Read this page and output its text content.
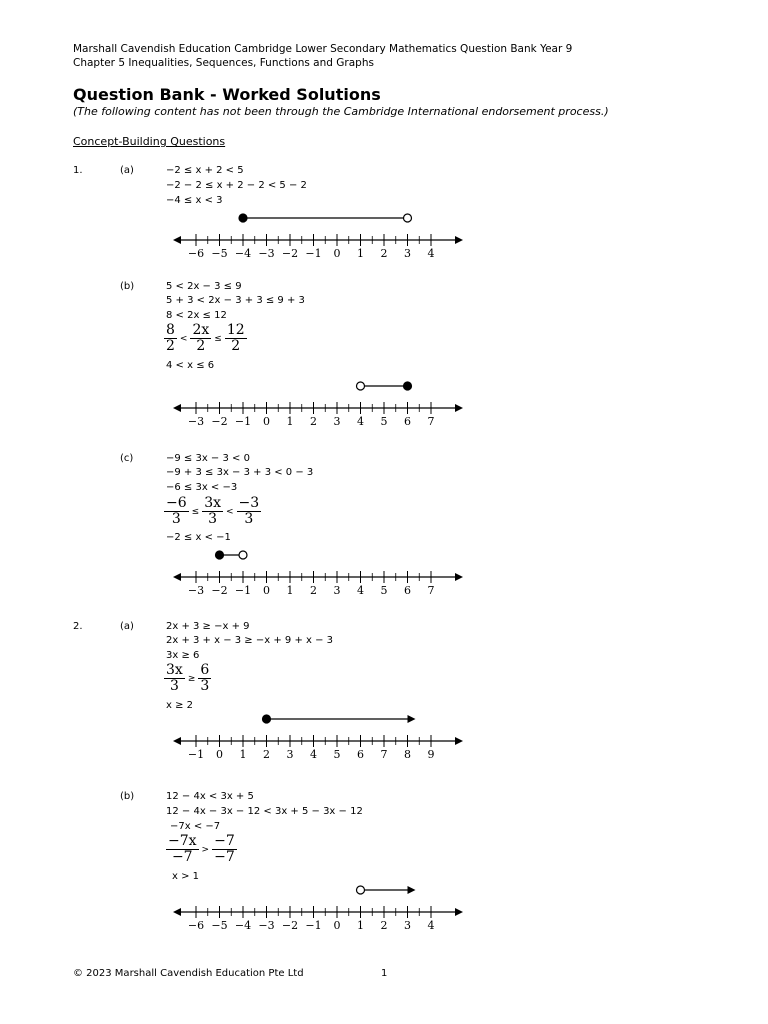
Marshall Cavendish Education Cambridge Lower Secondary Mathematics Question Bank Year 9
Chapter 5 Inequalities, Sequences, Functions and Graphs
Question Bank - Worked Solutions
(The following content has not been through the Cambridge International endorsement process.)
Concept-Building Questions
1.	(a)	−2 ≤ x + 2 < 5
−2 − 2 ≤ x + 2 − 2 < 5 − 2
−4 ≤ x < 3
−6 −5 −4 −3 −2 −1 0 1 2 3 4
(b)	5 < 2x − 3 ≤ 9
5 + 3 < 2x − 3 + 3 ≤ 9 + 3
8 < 2x ≤ 12
$\frac{8}{2} < \frac{2x}{2} \le \frac{12}{2}$
4 < x ≤ 6
−3 −2 −1 0 1 2 3 4 5 6 7
(c)	−9 ≤ 3x − 3 < 0
−9 + 3 ≤ 3x − 3 + 3 < 0 − 3
−6 ≤ 3x < −3
$\frac{-6}{3} \le \frac{3x}{3} < \frac{-3}{3}$
−2 ≤ x < −1
−3 −2 −1 0 1 2 3 4 5 6 7
2.	(a)	2x + 3 ≥ −x + 9
2x + 3 + x − 3 ≥ −x + 9 + x − 3
3x ≥ 6
$\frac{3x}{3} \ge \frac{6}{3}$
x ≥ 2
−1 0 1 2 3 4 5 6 7 8 9
(b)	12 − 4x < 3x + 5
12 − 4x − 3x − 12 < 3x + 5 − 3x − 12
−7x < −7
$\frac{-7x}{-7} > \frac{-7}{-7}$
x > 1
−6 −5 −4 −3 −2 −1 0 1 2 3 4
© 2023 Marshall Cavendish Education Pte Ltd	1
